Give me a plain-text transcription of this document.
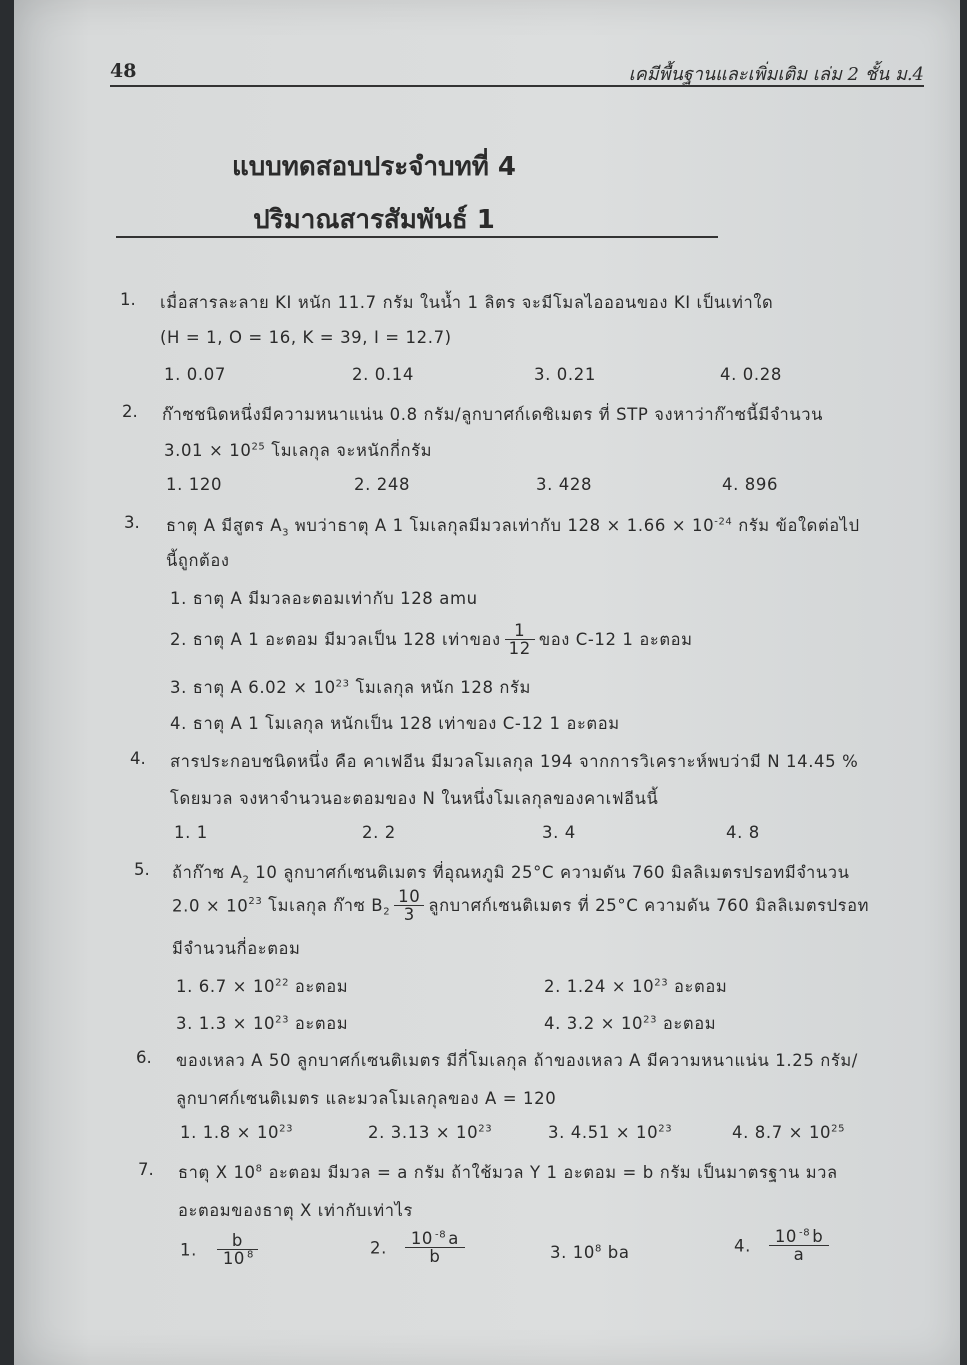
48	เคมีพื้นฐานและเพิ่มเติม เล่ม 2 ชั้น ม.4
แบบทดสอบประจำบทที่ 4
ปริมาณสารสัมพันธ์ 1
1. เมื่อสารละลาย KI หนัก 11.7 กรัม ในน้ำ 1 ลิตร จะมีโมลไอออนของ KI เป็นเท่าใด
(H = 1, O = 16, K = 39, I = 12.7)
1. 0.07	2. 0.14	3. 0.21	4. 0.28
2. ก๊าซชนิดหนึ่งมีความหนาแน่น 0.8 กรัม/ลูกบาศก์เดซิเมตร ที่ STP จงหาว่าก๊าซนี้มีจำนวน
$3.01 \times 10^{25}$ โมเลกุล จะหนักกี่กรัม
1. 120	2. 248	3. 428	4. 896
3. ธาตุ A มีสูตร $A_3$ พบว่าธาตุ A 1 โมเลกุลมีมวลเท่ากับ $128 \times 1.66 \times 10^{-24}$ กรัม ข้อใดต่อไป
นี้ถูกต้อง
1. ธาตุ A มีมวลอะตอมเท่ากับ 128 amu
2. ธาตุ A 1 อะตอม มีมวลเป็น 128 เท่าของ $\frac{1}{12}$ ของ C-12 1 อะตอม
3. ธาตุ A $6.02 \times 10^{23}$ โมเลกุล หนัก 128 กรัม
4. ธาตุ A 1 โมเลกุล หนักเป็น 128 เท่าของ C-12 1 อะตอม
4. สารประกอบชนิดหนึ่ง คือ คาเฟอีน มีมวลโมเลกุล 194 จากการวิเคราะห์พบว่ามี N 14.45 %
โดยมวล จงหาจำนวนอะตอมของ N ในหนึ่งโมเลกุลของคาเฟอีนนี้
1. 1	2. 2	3. 4	4. 8
5. ถ้าก๊าซ $A_2$ 10 ลูกบาศก์เซนติเมตร ที่อุณหภูมิ 25°C ความดัน 760 มิลลิเมตรปรอทมีจำนวน
$2.0 \times 10^{23}$ โมเลกุล ก๊าซ $B_2 \frac{10}{3}$ ลูกบาศก์เซนติเมตร ที่ 25°C ความดัน 760 มิลลิเมตรปรอท
มีจำนวนกี่อะตอม
1. $6.7 \times 10^{22}$ อะตอม	2. $1.24 \times 10^{23}$ อะตอม
3. $1.3 \times 10^{23}$ อะตอม	4. $3.2 \times 10^{23}$ อะตอม
6. ของเหลว A 50 ลูกบาศก์เซนติเมตร มีกี่โมเลกุล ถ้าของเหลว A มีความหนาแน่น 1.25 กรัม/
ลูกบาศก์เซนติเมตร และมวลโมเลกุลของ A = 120
1. $1.8 \times 10^{23}$	2. $3.13 \times 10^{23}$	3. $4.51 \times 10^{23}$	4. $8.7 \times 10^{25}$
7. ธาตุ X $10^8$ อะตอม มีมวล = a กรัม ถ้าใช้มวล Y 1 อะตอม = b กรัม เป็นมาตรฐาน มวล
อะตอมของธาตุ X เท่ากับเท่าไร
1. $\frac{b}{10 ^8}$	2. $\frac{10 ^{-8} a}{b}$	3. $10^8$ ba	4. $\frac{10 ^{-8} b}{a}$
